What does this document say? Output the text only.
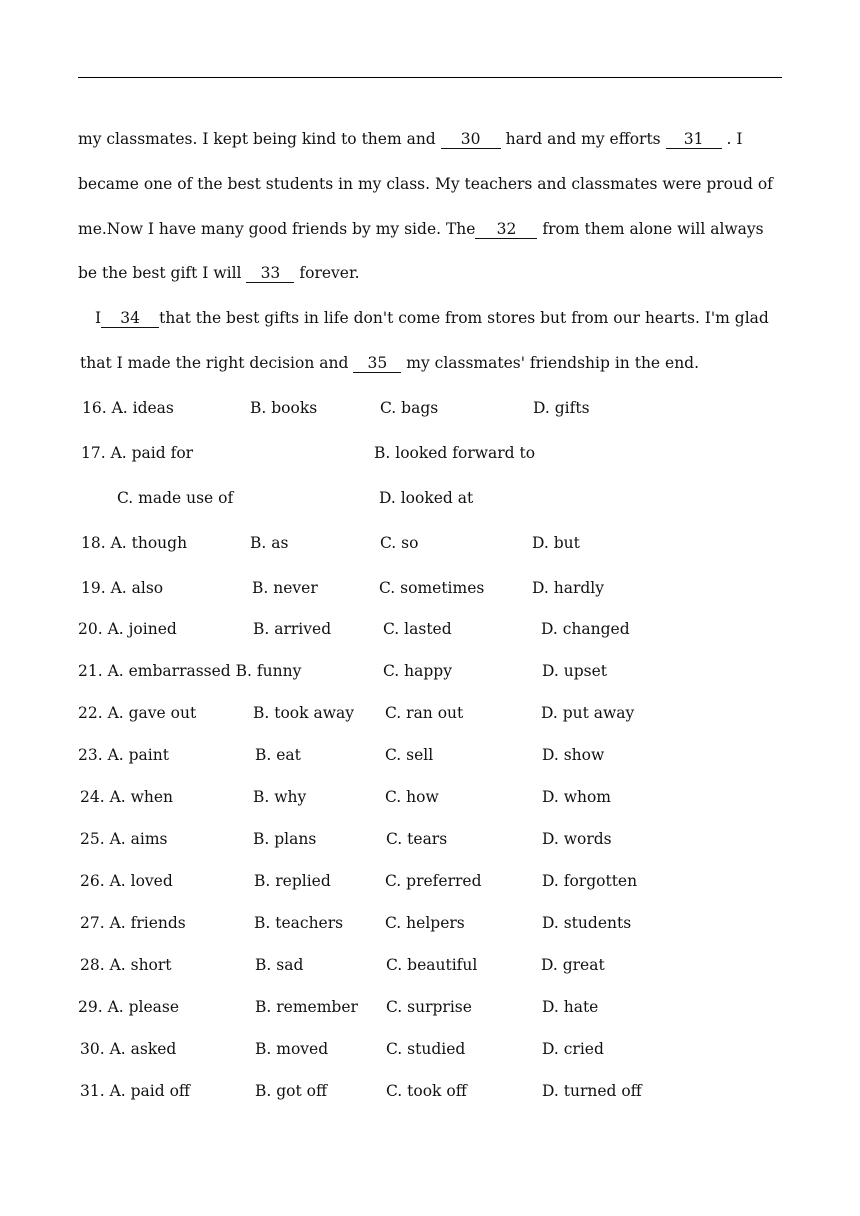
my classmates. I kept being kind to them and 30 hard and my efforts 31 . I
became one of the best students in my class. My teachers and classmates were proud of
me.Now I have many good friends by my side. The 32 from them alone will always
be the best gift I will 33 forever.
I 34 that the best gifts in life don't come from stores but from our hearts. I'm glad
that I made the right decision and 35 my classmates' friendship in the end.
16. A. ideas	B. books	C. bags	D. gifts
17. A. paid for	B. looked forward to
C. made use of	D. looked at
18. A. though	B. as	C. so	D. but
19. A. also	B. never	C. sometimes	D. hardly
20. A. joined	B. arrived	C. lasted	D. changed
21. A. embarrassed B. funny	C. happy	D. upset
22. A. gave out	B. took away C. ran out	D. put away
23. A. paint	B. eat	C. sell	D. show
24. A. when	B. why	C. how	D. whom
25. A. aims	B. plans	C. tears	D. words
26. A. loved	B. replied	C. preferred	D. forgotten
27. A. friends	B. teachers	C. helpers	D. students
28. A. short	B. sad	C. beautiful	D. great
29. A. please	B. remember C. surprise	D. hate
30. A. asked	B. moved	C. studied	D. cried
31. A. paid off	B. got off	C. took off	D. turned off
